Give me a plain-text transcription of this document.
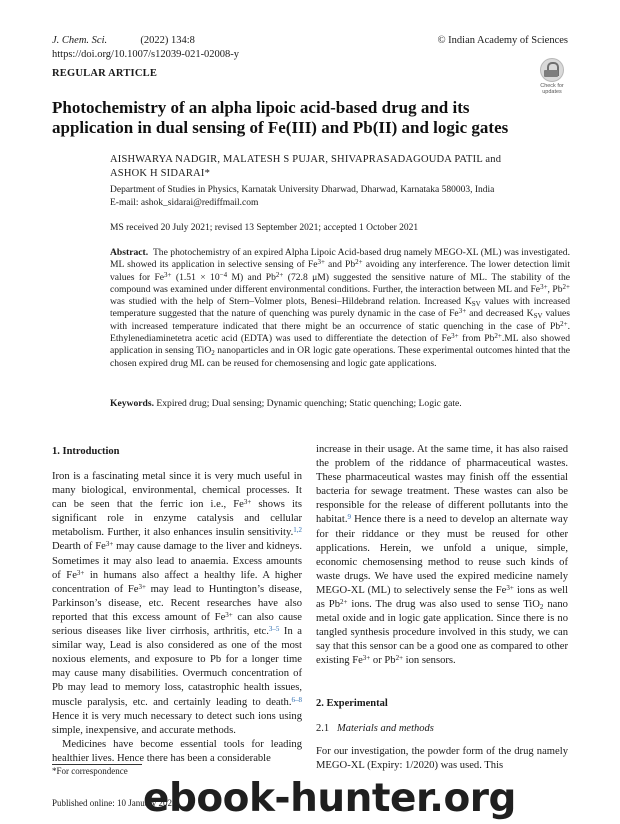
J. Chem. Sci.	(2022) 134:8
https://doi.org/10.1007/s12039-021-02008-y
© Indian Academy of Sciences
REGULAR ARTICLE
Check for updates
Photochemistry of an alpha lipoic acid-based drug and its
application in dual sensing of Fe(III) and Pb(II) and logic gates
AISHWARYA NADGIR, MALATESH S PUJAR, SHIVAPRASADAGOUDA PATIL and
ASHOK H SIDARAI*
Department of Studies in Physics, Karnatak University Dharwad, Dharwad, Karnataka 580003, India
E-mail: ashok_sidarai@rediffmail.com
MS received 20 July 2021; revised 13 September 2021; accepted 1 October 2021
Abstract. The photochemistry of an expired Alpha Lipoic Acid-based drug namely MEGO-XL (ML) was investigated. ML showed its application in selective sensing of $Fe^{3+}$ and $Pb^{2+}$ avoiding any interference. The lower detection limit values for $Fe^{3+}$ ($1.51 \times 10^{-4}$ M) and $Pb^{2+}$ (72.8 μM) suggested the sensitive nature of ML. The stability of the compound was examined under different environmental conditions. Further, the interaction between ML and $Fe^{3+}$, $Pb^{2+}$ was studied with the help of Stern–Volmer plots, Benesi–Hildebrand relation. Increased $K_{SV}$ values with increased temperature suggested that the nature of quenching was purely dynamic in the case of $Fe^{3+}$ and decreased $K_{SV}$ values with increased temperature indicated that there might be an occurrence of static quenching in the case of $Pb^{2+}$. Ethylenediaminetetra acetic acid (EDTA) was used to differentiate the detection of $Fe^{3+}$ from $Pb^{2+}.ML$ also showed application in sensing TiO$_2$ nanoparticles and in OR logic gate operations. These experimental outcomes hinted that the chosen expired drug ML can be reused for chemosensing and logic gate applications.
Keywords. Expired drug; Dual sensing; Dynamic quenching; Static quenching; Logic gate.
1. Introduction

Iron is a fascinating metal since it is very much useful in many biological, environmental, chemical processes. It can be seen that the ferric ion i.e., $Fe^{3+}$ shows its significant role in enzyme catalysis and cellular metabolism. Further, it also enhances insulin sensitivity.$^{1,2}$ Dearth of $Fe^{3+}$ may cause damage to the liver and kidneys. Sometimes it may also lead to anaemia. Excess amounts of $Fe^{3+}$ in humans also affect a healthy life. A higher concentration of $Fe^{3+}$ may lead to Huntington’s disease, Parkinson’s disease, etc. Recent researches have also reported that this excess amount of $Fe^{3+}$ can also cause serious diseases like liver cirrhosis, arthritis, etc.$^{3-5}$ In a similar way, Lead is also considered as one of the most noxious elements, and exposure to Pb for a longer time may cause many disabilities. Overmuch concentration of Pb may lead to memory loss, catastrophic health issues, muscle paralysis, etc. and certainly leading to death.$^{6-8}$ Hence it is very much necessary to detect such ions using simple, inexpensive, and accurate methods.

Medicines have become essential tools for leading healthier lives. Hence there has been a considerable

*For correspondence
Published online: 10 January 2022

increase in their usage. At the same time, it has also raised the problem of the riddance of pharmaceutical wastes. These pharmaceutical wastes may finish off the essential bacteria for sewage treatment. These wastes can also be responsible for the release of different pollutants into the habitat.$^9$ Hence there is a need to develop an alternate way for their riddance or they must be reused for other applications. Herein, we unfold a unique, simple, economic chemosensing method to reuse such kinds of waste drugs. We have used the expired medicine namely MEGO-XL (ML) to selectively sense the $Fe^{3+}$ ions as well as $Pb^{2+}$ ions. The drug was also used to sense TiO$_2$ nano metal oxide and in logic gate application. Since there is no tangled synthesis procedure involved in this study, we can say that this sensor can be a good one as compared to other existing $Fe^{3+}$ or $Pb^{2+}$ ion sensors.

2. Experimental
2.1 Materials and methods
For our investigation, the powder form of the drug namely MEGO-XL (Expiry: 1/2020) was used. This
ebook-hunter.org
